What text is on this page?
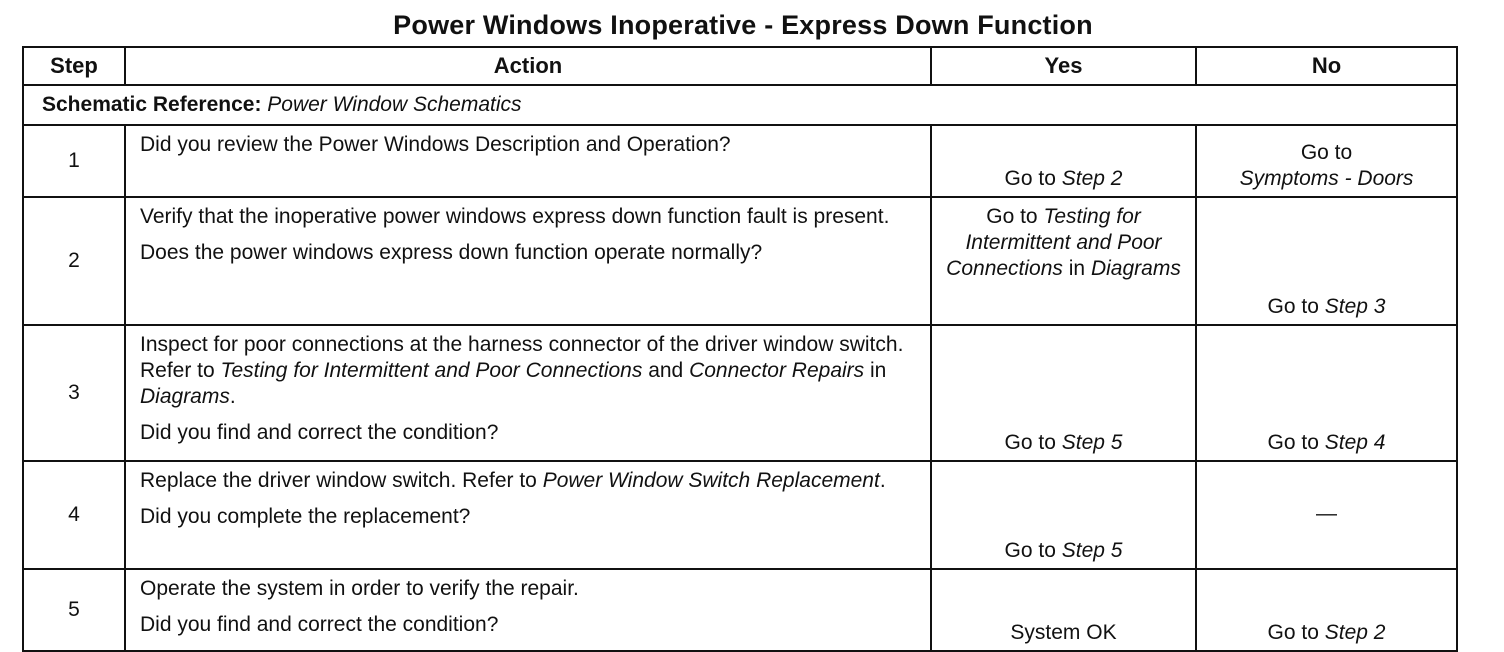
Power Windows Inoperative - Express Down Function
Step	Action	Yes	No
Schematic Reference: Power Window Schematics			
1	Did you review the Power Windows Description and Operation?	Go to Step 2	Go to
Symptoms - Doors
2	Verify that the inoperative power windows express down function fault is present.
Does the power windows express down function operate normally?	Go to Testing for Intermittent and Poor Connections in Diagrams	Go to Step 3
3	Inspect for poor connections at the harness connector of the driver window switch. Refer to Testing for Intermittent and Poor Connections and Connector Repairs in Diagrams.
Did you find and correct the condition?	Go to Step 5	Go to Step 4
4	Replace the driver window switch. Refer to Power Window Switch Replacement.
Did you complete the replacement?	Go to Step 5	—
5	Operate the system in order to verify the repair.
Did you find and correct the condition?	System OK	Go to Step 2
